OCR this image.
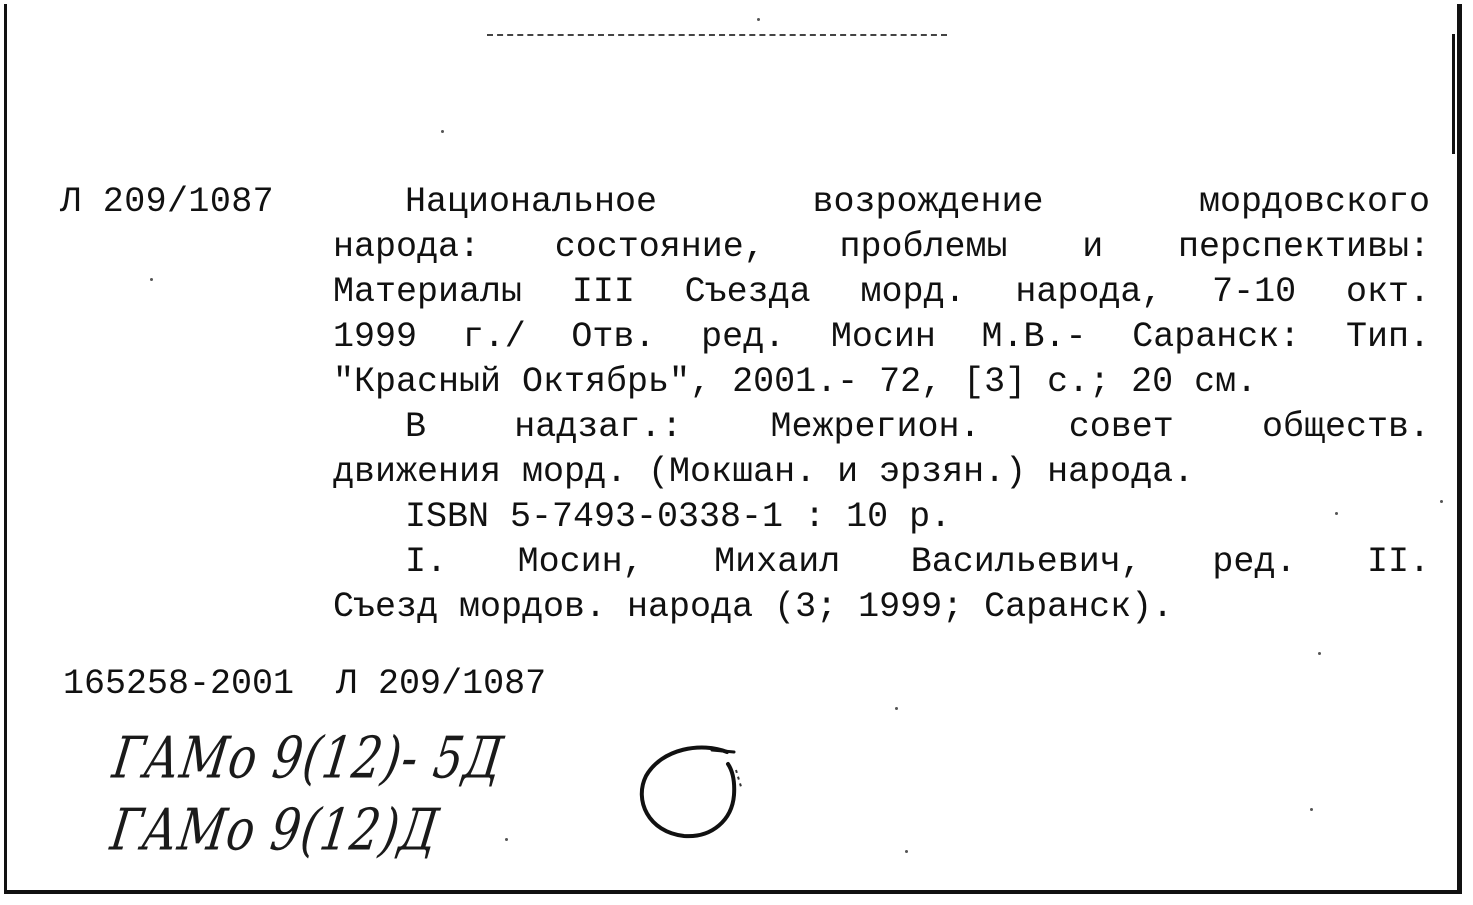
Л 209/1087	Национальное возрождение мордовского
народа: состояние, проблемы и перспективы:
Материалы III Съезда морд. народа, 7-10 окт.
1999 г./ Отв. ред. Мосин М.В.- Саранск: Тип.
"Красный Октябрь", 2001.- 72, [3] с.; 20 см.
В надзаг.: Межрегион. совет обществ.
движения морд. (Мокшан. и эрзян.) народа.
ISBN 5-7493-0338-1 : 10 р.
I. Мосин, Михаил Васильевич, ред. II.
Съезд мордов. народа (3; 1999; Саранск).
165258-2001 Л 209/1087
ГАМо 9(12)- 5Д
ГАМо 9(12)Д
